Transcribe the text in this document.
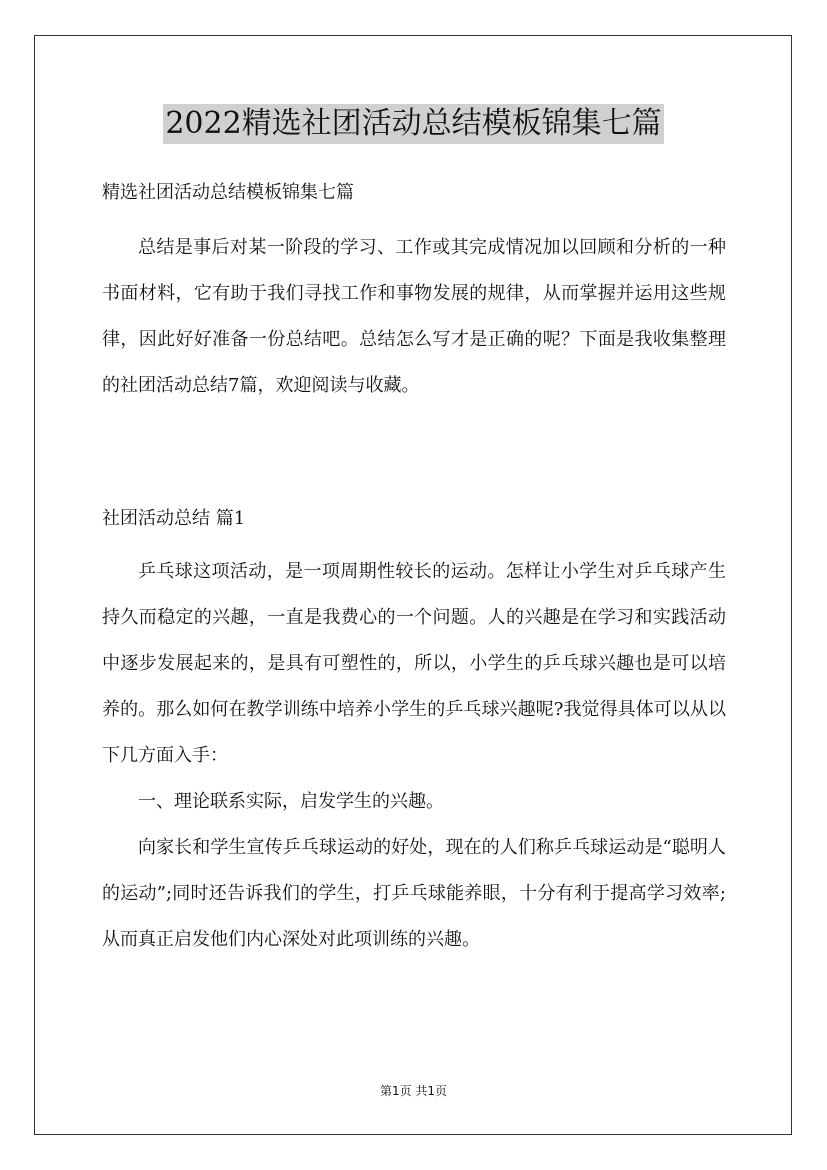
2022精选社团活动总结模板锦集七篇
精选社团活动总结模板锦集七篇

总结是事后对某一阶段的学习、工作或其完成情况加以回顾和分析的一种书面材料，它有助于我们寻找工作和事物发展的规律，从而掌握并运用这些规律，因此好好准备一份总结吧。总结怎么写才是正确的呢？下面是我收集整理的社团活动总结7篇，欢迎阅读与收藏。

社团活动总结 篇1

乒乓球这项活动，是一项周期性较长的运动。怎样让小学生对乒乓球产生持久而稳定的兴趣，一直是我费心的一个问题。人的兴趣是在学习和实践活动中逐步发展起来的，是具有可塑性的，所以，小学生的乒乓球兴趣也是可以培养的。那么如何在教学训练中培养小学生的乒乓球兴趣呢?我觉得具体可以从以下几方面入手：

一、理论联系实际，启发学生的兴趣。

向家长和学生宣传乒乓球运动的好处，现在的人们称乒乓球运动是“聪明人的运动”;同时还告诉我们的学生，打乒乓球能养眼，十分有利于提高学习效率;从而真正启发他们内心深处对此项训练的兴趣。

第1页 共1页
